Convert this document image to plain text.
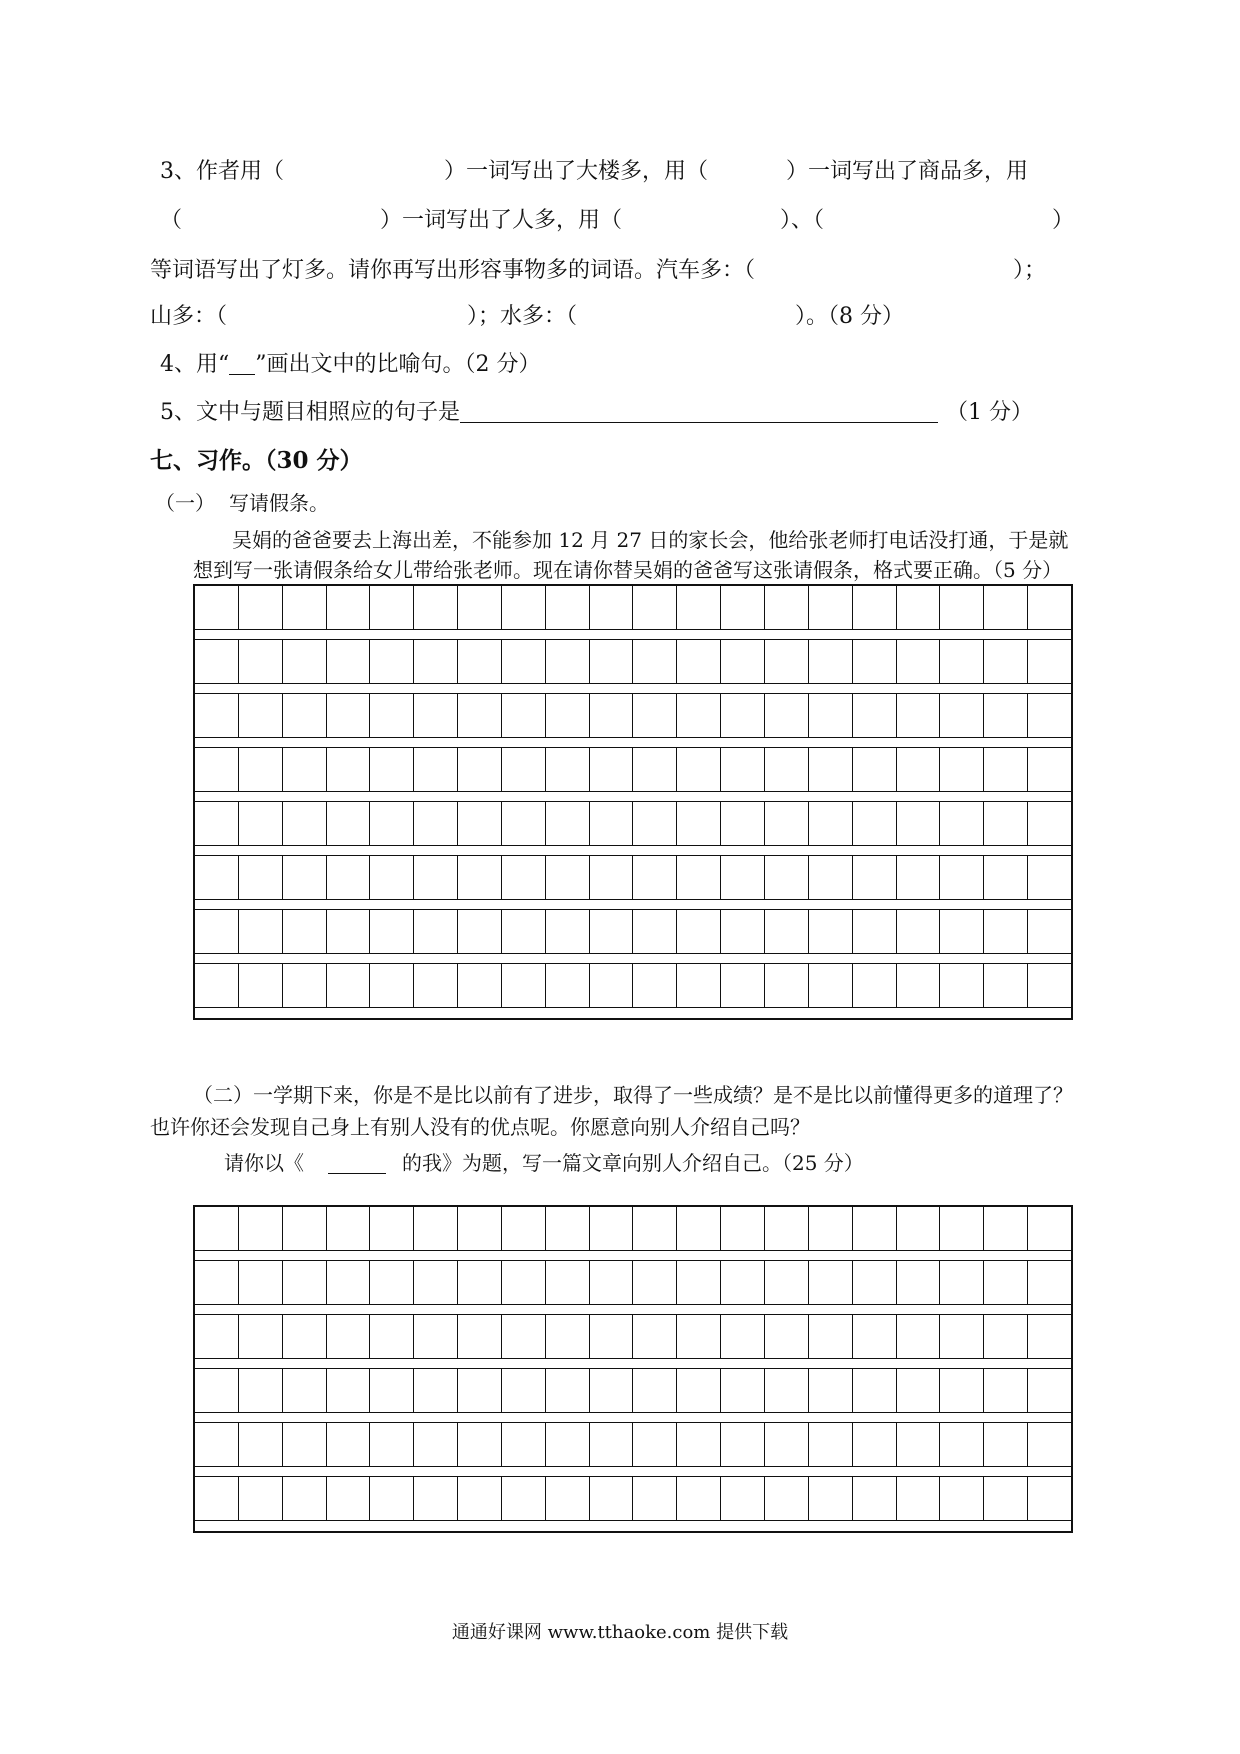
3、作者用（	）一词写出了大楼多，用（	）一词写出了商品多，用
（	）一词写出了人多，用（	）、（	）
等词语写出了灯多。请你再写出形容事物多的词语。汽车多：（	）；
山多：（	）；水多：（	）。（8 分）
4、用“ ”画出文中的比喻句。（2 分）
5、文中与题目相照应的句子是	（1 分）
七、习作。（30 分）
（一） 写请假条。
吴娟的爸爸要去上海出差，不能参加 12 月 27 日的家长会，他给张老师打电话没打通，于是就
想到写一张请假条给女儿带给张老师。现在请你替吴娟的爸爸写这张请假条，格式要正确。（5 分）
（二）一学期下来，你是不是比以前有了进步，取得了一些成绩？是不是比以前懂得更多的道理了？
也许你还会发现自己身上有别人没有的优点呢。你愿意向别人介绍自己吗？
请你以《	的我》为题，写一篇文章向别人介绍自己。（25 分）
通通好课网 www.tthaoke.com 提供下载
